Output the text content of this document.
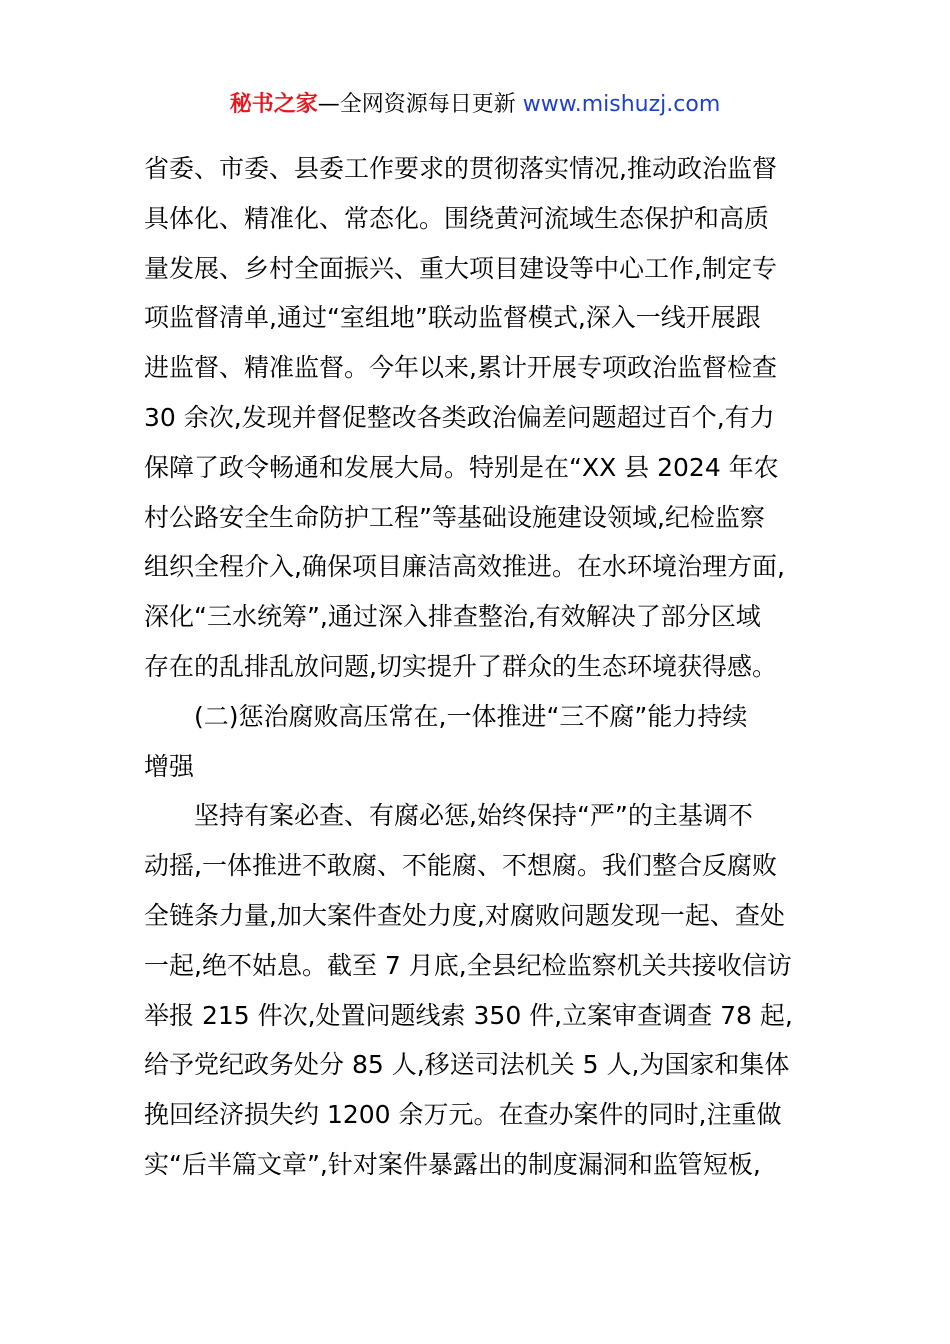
秘书之家—全网资源每日更新 www.mishuzj.com
省委、市委、县委工作要求的贯彻落实情况,推动政治监督
具体化、精准化、常态化。围绕黄河流域生态保护和高质
量发展、乡村全面振兴、重大项目建设等中心工作,制定专
项监督清单,通过“室组地”联动监督模式,深入一线开展跟
进监督、精准监督。今年以来,累计开展专项政治监督检查
30 余次,发现并督促整改各类政治偏差问题超过百个,有力
保障了政令畅通和发展大局。特别是在“XX 县 2024 年农
村公路安全生命防护工程”等基础设施建设领域,纪检监察
组织全程介入,确保项目廉洁高效推进。在水环境治理方面,
深化“三水统筹”,通过深入排查整治,有效解决了部分区域
存在的乱排乱放问题,切实提升了群众的生态环境获得感。
　　(二)惩治腐败高压常在,一体推进“三不腐”能力持续
增强
　　坚持有案必查、有腐必惩,始终保持“严”的主基调不
动摇,一体推进不敢腐、不能腐、不想腐。我们整合反腐败
全链条力量,加大案件查处力度,对腐败问题发现一起、查处
一起,绝不姑息。截至 7 月底,全县纪检监察机关共接收信访
举报 215 件次,处置问题线索 350 件,立案审查调查 78 起,
给予党纪政务处分 85 人,移送司法机关 5 人,为国家和集体
挽回经济损失约 1200 余万元。在查办案件的同时,注重做
实“后半篇文章”,针对案件暴露出的制度漏洞和监管短板,
